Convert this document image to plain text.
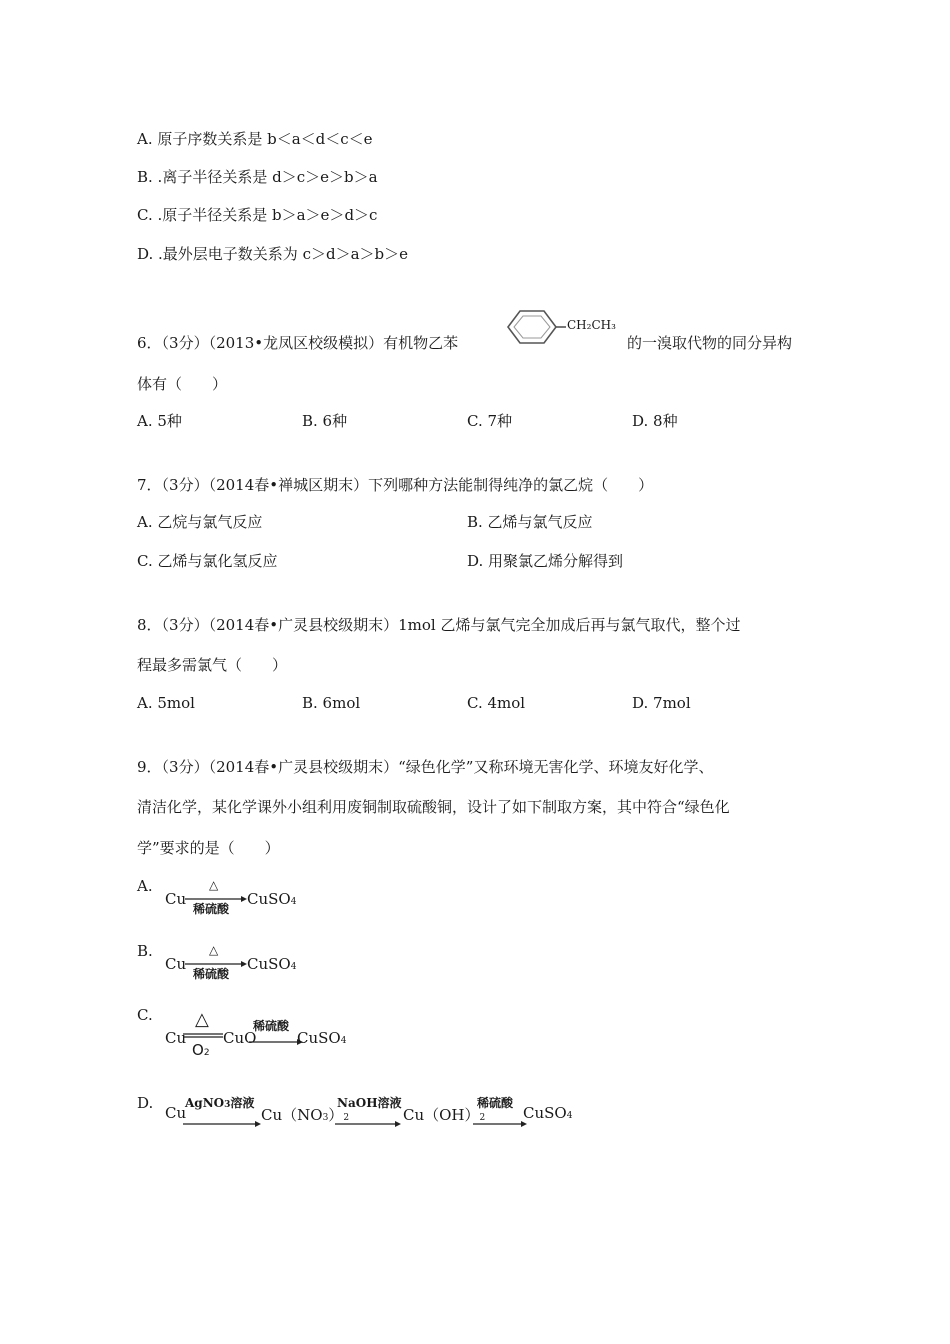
A. 原子序数关系是 b＜a＜d＜c＜e
B. .离子半径关系是 d＞c＞e＞b＞a
C. .原子半径关系是 b＞a＞e＞d＞c
D. .最外层电子数关系为 c＞d＞a＞b＞e
6．（3分）（2013•龙凤区校级模拟）有机物乙苯
CH₂CH₃
的一溴取代物的同分异构
体有（　　）
A. 5种	B. 6种	C. 7种	D. 8种
7．（3分）（2014春•禅城区期末）下列哪种方法能制得纯净的氯乙烷（　　）
A. 乙烷与氯气反应	B. 乙烯与氯气反应
C. 乙烯与氯化氢反应	D. 用聚氯乙烯分解得到
8．（3分）（2014春•广灵县校级期末）1mol 乙烯与氯气完全加成后再与氯气取代，整个过
程最多需氯气（　　）
A. 5mol	B. 6mol	C. 4mol	D. 7mol
9．（3分）（2014春•广灵县校级期末）“绿色化学”又称环境无害化学、环境友好化学、
清洁化学，某化学课外小组利用废铜制取硫酸铜，设计了如下制取方案，其中符合“绿色化
学”要求的是（　　）
A.
Cu
△
稀硫酸
CuSO4
B.
Cu
△
稀硫酸
CuSO4
C.
Cu
△
O2
CuO
稀硫酸
CuSO4
D.
Cu
AgNO3溶液
Cu（NO3）2
NaOH溶液
Cu（OH）2
稀硫酸
CuSO4
